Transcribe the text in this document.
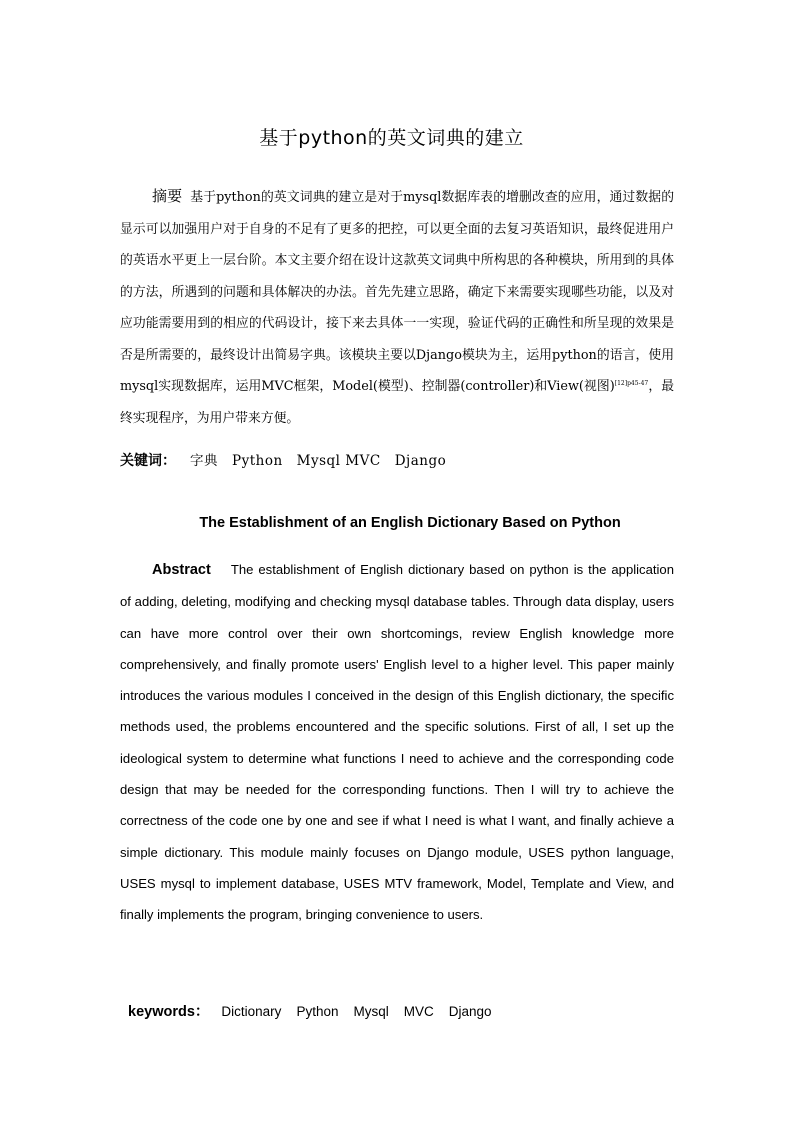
基于python的英文词典的建立
摘要 基于python的英文词典的建立是对于mysql数据库表的增删改查的应用，通过数据的显示可以加强用户对于自身的不足有了更多的把控，可以更全面的去复习英语知识，最终促进用户的英语水平更上一层台阶。本文主要介绍在设计这款英文词典中所构思的各种模块，所用到的具体的方法，所遇到的问题和具体解决的办法。首先先建立思路，确定下来需要实现哪些功能，以及对应功能需要用到的相应的代码设计，接下来去具体一一实现，验证代码的正确性和所呈现的效果是否是所需要的，最终设计出简易字典。该模块主要以Django模块为主，运用python的语言，使用mysql实现数据库，运用MVC框架，Model(模型)、控制器(controller)和View(视图)$^{[12]p45-47}$，最终实现程序，为用户带来方便。
关键词： 字典 Python Mysql MVC Django
The Establishment of an English Dictionary Based on Python
Abstract The establishment of English dictionary based on python is the application of adding, deleting, modifying and checking mysql database tables. Through data display, users can have more control over their own shortcomings, review English knowledge more comprehensively, and finally promote users' English level to a higher level. This paper mainly introduces the various modules I conceived in the design of this English dictionary, the specific methods used, the problems encountered and the specific solutions. First of all, I set up the ideological system to determine what functions I need to achieve and the corresponding code design that may be needed for the corresponding functions. Then I will try to achieve the correctness of the code one by one and see if what I need is what I want, and finally achieve a simple dictionary. This module mainly focuses on Django module, USES python language, USES mysql to implement database, USES MTV framework, Model, Template and View, and finally implements the program, bringing convenience to users.
keywords： Dictionary Python Mysql MVC Django
